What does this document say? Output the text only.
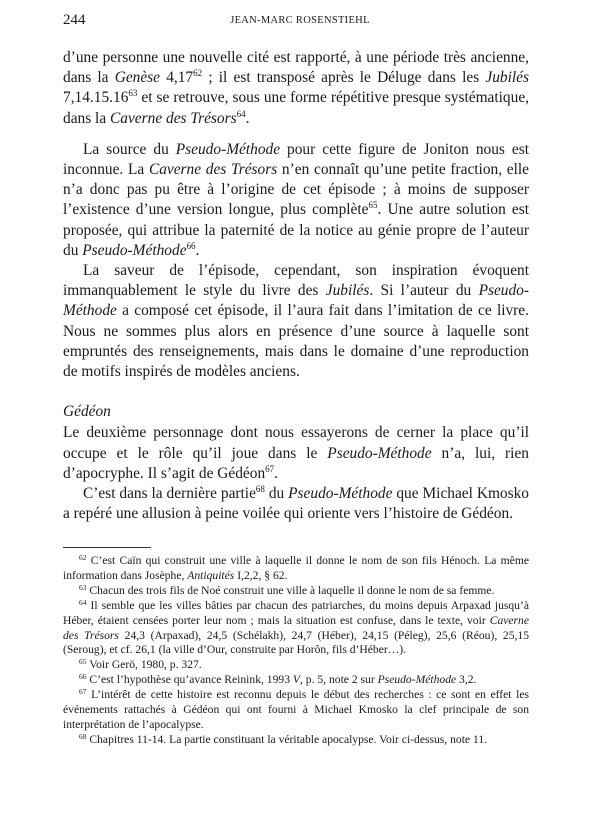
244	JEAN-MARC ROSENSTIEHL

d’une personne une nouvelle cité est rapporté, à une période très ancienne, dans la Genèse 4,17$^{62}$ ; il est transposé après le Déluge dans les Jubilés 7,14.15.16$^{63}$ et se retrouve, sous une forme répétitive presque systématique, dans la Caverne des Trésors$^{64}$.

La source du Pseudo-Méthode pour cette figure de Joniton nous est inconnue. La Caverne des Trésors n’en connaît qu’une petite fraction, elle n’a donc pas pu être à l’origine de cet épisode ; à moins de supposer l’existence d’une version longue, plus complète$^{65}$. Une autre solution est proposée, qui attribue la paternité de la notice au génie propre de l’auteur du Pseudo-Méthode$^{66}$.

La saveur de l’épisode, cependant, son inspiration évoquent immanquablement le style du livre des Jubilés. Si l’auteur du Pseudo-Méthode a composé cet épisode, il l’aura fait dans l’imitation de ce livre. Nous ne sommes plus alors en présence d’une source à laquelle sont empruntés des renseignements, mais dans le domaine d’une reproduction de motifs inspirés de modèles anciens.

Gédéon

Le deuxième personnage dont nous essayerons de cerner la place qu’il occupe et le rôle qu’il joue dans le Pseudo-Méthode n’a, lui, rien d’apocryphe. Il s’agit de Gédéon$^{67}$.

C’est dans la dernière partie$^{68}$ du Pseudo-Méthode que Michael Kmosko a repéré une allusion à peine voilée qui oriente vers l’histoire de Gédéon.

$^{62}$ C’est Caïn qui construit une ville à laquelle il donne le nom de son fils Hénoch. La même information dans Josèphe, Antiquités I,2,2, § 62.

$^{63}$ Chacun des trois fils de Noé construit une ville à laquelle il donne le nom de sa femme.

$^{64}$ Il semble que les villes bâties par chacun des patriarches, du moins depuis Arpaxad jusqu’à Héber, étaient censées porter leur nom ; mais la situation est confuse, dans le texte, voir Caverne des Trésors 24,3 (Arpaxad), 24,5 (Schélakh), 24,7 (Héber), 24,15 (Péleg), 25,6 (Réou), 25,15 (Seroug), et cf. 26,1 (la ville d’Our, construite par Horôn, fils d’Héber…).

$^{65}$ Voir Gerö, 1980, p. 327.

$^{66}$ C’est l’hypothèse qu’avance Reinink, 1993 V, p. 5, note 2 sur Pseudo-Méthode 3,2.

$^{67}$ L’intérêt de cette histoire est reconnu depuis le début des recherches : ce sont en effet les événements rattachés à Gédéon qui ont fourni à Michael Kmosko la clef principale de son interprétation de l’apocalypse.

$^{68}$ Chapitres 11-14. La partie constituant la véritable apocalypse. Voir ci-dessus, note 11.
